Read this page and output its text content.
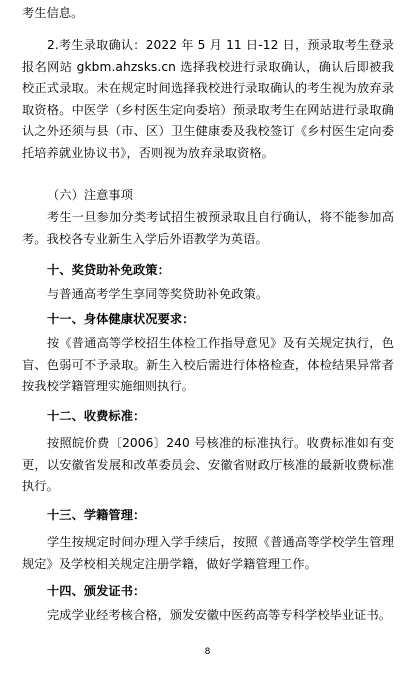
考生信息。

2.考生录取确认：2022 年 5 月 11 日-12 日，预录取考生登录报名网站 gkbm.ahzsks.cn 选择我校进行录取确认，确认后即被我校正式录取。未在规定时间选择我校进行录取确认的考生视为放弃录取资格。中医学（乡村医生定向委培）预录取考生在网站进行录取确认之外还须与县（市、区）卫生健康委及我校签订《乡村医生定向委托培养就业协议书》，否则视为放弃录取资格。

（六）注意事项

考生一旦参加分类考试招生被预录取且自行确认，将不能参加高考。我校各专业新生入学后外语教学为英语。

十、奖贷助补免政策：

与普通高考学生享同等奖贷助补免政策。

十一、身体健康状况要求：

按《普通高等学校招生体检工作指导意见》及有关规定执行，色盲、色弱可不予录取。新生入校后需进行体格检查，体检结果异常者按我校学籍管理实施细则执行。

十二、收费标准：

按照皖价费〔2006〕240 号核准的标准执行。收费标准如有变更，以安徽省发展和改革委员会、安徽省财政厅核准的最新收费标准执行。

十三、学籍管理：

学生按规定时间办理入学手续后，按照《普通高等学校学生管理规定》及学校相关规定注册学籍，做好学籍管理工作。

十四、颁发证书：

完成学业经考核合格，颁发安徽中医药高等专科学校毕业证书。

8
